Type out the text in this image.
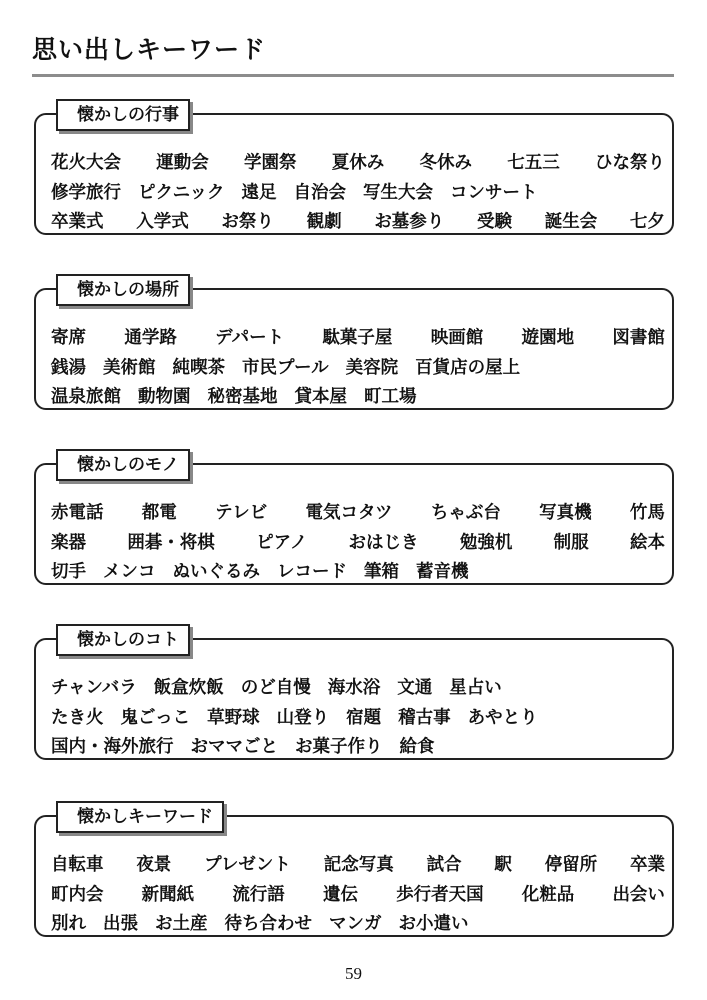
思い出しキーワード
懐かしの行事
花火大会 運動会 学園祭 夏休み 冬休み 七五三 ひな祭り
修学旅行 ピクニック 遠足 自治会 写生大会 コンサート
卒業式 入学式 お祭り 観劇 お墓参り 受験 誕生会 七夕
懐かしの場所
寄席 通学路 デパート 駄菓子屋 映画館 遊園地 図書館
銭湯 美術館 純喫茶 市民プール 美容院 百貨店の屋上
温泉旅館 動物園 秘密基地 貸本屋 町工場
懐かしのモノ
赤電話 都電 テレビ 電気コタツ ちゃぶ台 写真機 竹馬
楽器 囲碁・将棋 ピアノ おはじき 勉強机 制服 絵本
切手 メンコ ぬいぐるみ レコード 筆箱 蓄音機
懐かしのコト
チャンバラ 飯盒炊飯 のど自慢 海水浴 文通 星占い
たき火 鬼ごっこ 草野球 山登り 宿題 稽古事 あやとり
国内・海外旅行 おママごと お菓子作り 給食
懐かしキーワード
自転車 夜景 プレゼント 記念写真 試合 駅 停留所 卒業
町内会 新聞紙 流行語 遺伝 歩行者天国 化粧品 出会い
別れ 出張 お土産 待ち合わせ マンガ お小遣い
59
